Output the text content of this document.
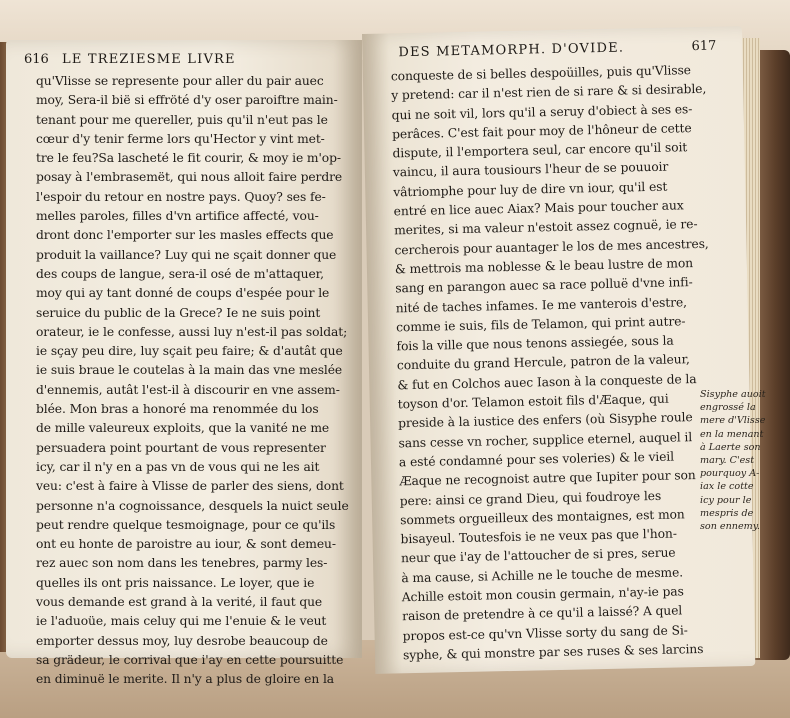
616 LE TREZIESME LIVRE
qu'Vlisse se represente pour aller du pair auec
moy, Sera-il bië si effröté d'y oser paroiftre main-
tenant pour me quereller, puis qu'il n'eut pas le
cœur d'y tenir ferme lors qu'Hector y vint met-
tre le feu?Sa lascheté le fit courir, & moy ie m'op-
posay à l'embrasemët, qui nous alloit faire perdre
l'espoir du retour en nostre pays. Quoy? ses fe-
melles paroles, filles d'vn artifice affecté, vou-
dront donc l'emporter sur les masles effects que
produit la vaillance? Luy qui ne sçait donner que
des coups de langue, sera-il osé de m'attaquer,
moy qui ay tant donné de coups d'espée pour le
seruice du public de la Grece? Ie ne suis point
orateur, ie le confesse, aussi luy n'est-il pas soldat;
ie sçay peu dire, luy sçait peu faire; & d'autât que
ie suis braue le coutelas à la main das vne meslée
d'ennemis, autât l'est-il à discourir en vne assem-
blée. Mon bras a honoré ma renommée du los
de mille valeureux exploits, que la vanité ne me
persuadera point pourtant de vous representer
icy, car il n'y en a pas vn de vous qui ne les ait
veu: c'est à faire à Vlisse de parler des siens, dont
personne n'a cognoissance, desquels la nuict seule
peut rendre quelque tesmoignage, pour ce qu'ils
ont eu honte de paroistre au iour, & sont demeu-
rez auec son nom dans les tenebres, parmy les-
quelles ils ont pris naissance. Le loyer, que ie
vous demande est grand à la verité, il faut que
ie l'aduoüe, mais celuy qui me l'enuie & le veut
emporter dessus moy, luy desrobe beaucoup de
sa grädeur, le corrival que i'ay en cette poursuitte
en diminuë le merite. Il n'y a plus de gloire en la
DES METAMORPH. D'OVIDE.	617
conqueste de si belles despoüilles, puis qu'Vlisse
y pretend: car il n'est rien de si rare & si desirable,
qui ne soit vil, lors qu'il a seruy d'obiect à ses es-
perâces. C'est fait pour moy de l'hôneur de cette
dispute, il l'emportera seul, car encore qu'il soit
vaincu, il aura tousiours l'heur de se pouuoir
vâtriomphe pour luy de dire vn iour, qu'il est
entré en lice auec Aiax? Mais pour toucher aux
merites, si ma valeur n'estoit assez cognuë, ie re-
cercherois pour auantager le los de mes ancestres,
& mettrois ma noblesse & le beau lustre de mon
sang en parangon auec sa race polluë d'vne infi-
nité de taches infames. Ie me vanterois d'estre,
comme ie suis, fils de Telamon, qui print autre-
fois la ville que nous tenons assiegée, sous la
conduite du grand Hercule, patron de la valeur,
& fut en Colchos auec Iason à la conqueste de la
toyson d'or. Telamon estoit fils d'Æaque, qui
preside à la iustice des enfers (où Sisyphe roule
sans cesse vn rocher, supplice eternel, auquel il
a esté condamné pour ses voleries) & le vieil
Æaque ne recognoist autre que Iupiter pour son
pere: ainsi ce grand Dieu, qui foudroye les
sommets orgueilleux des montaignes, est mon
bisayeul. Toutesfois ie ne veux pas que l'hon-
neur que i'ay de l'attoucher de si pres, serue
à ma cause, si Achille ne le touche de mesme.
Achille estoit mon cousin germain, n'ay-ie pas
raison de pretendre à ce qu'il a laissé? A quel
propos est-ce qu'vn Vlisse sorty du sang de Si-
syphe, & qui monstre par ses ruses & ses larcins
Sisyphe auoit
engrossé la
mere d'Vlisse
en la menant
à Laerte son
mary. C'est
pourquoy A-
iax le cotte
icy pour le
mespris de
son ennemy.
